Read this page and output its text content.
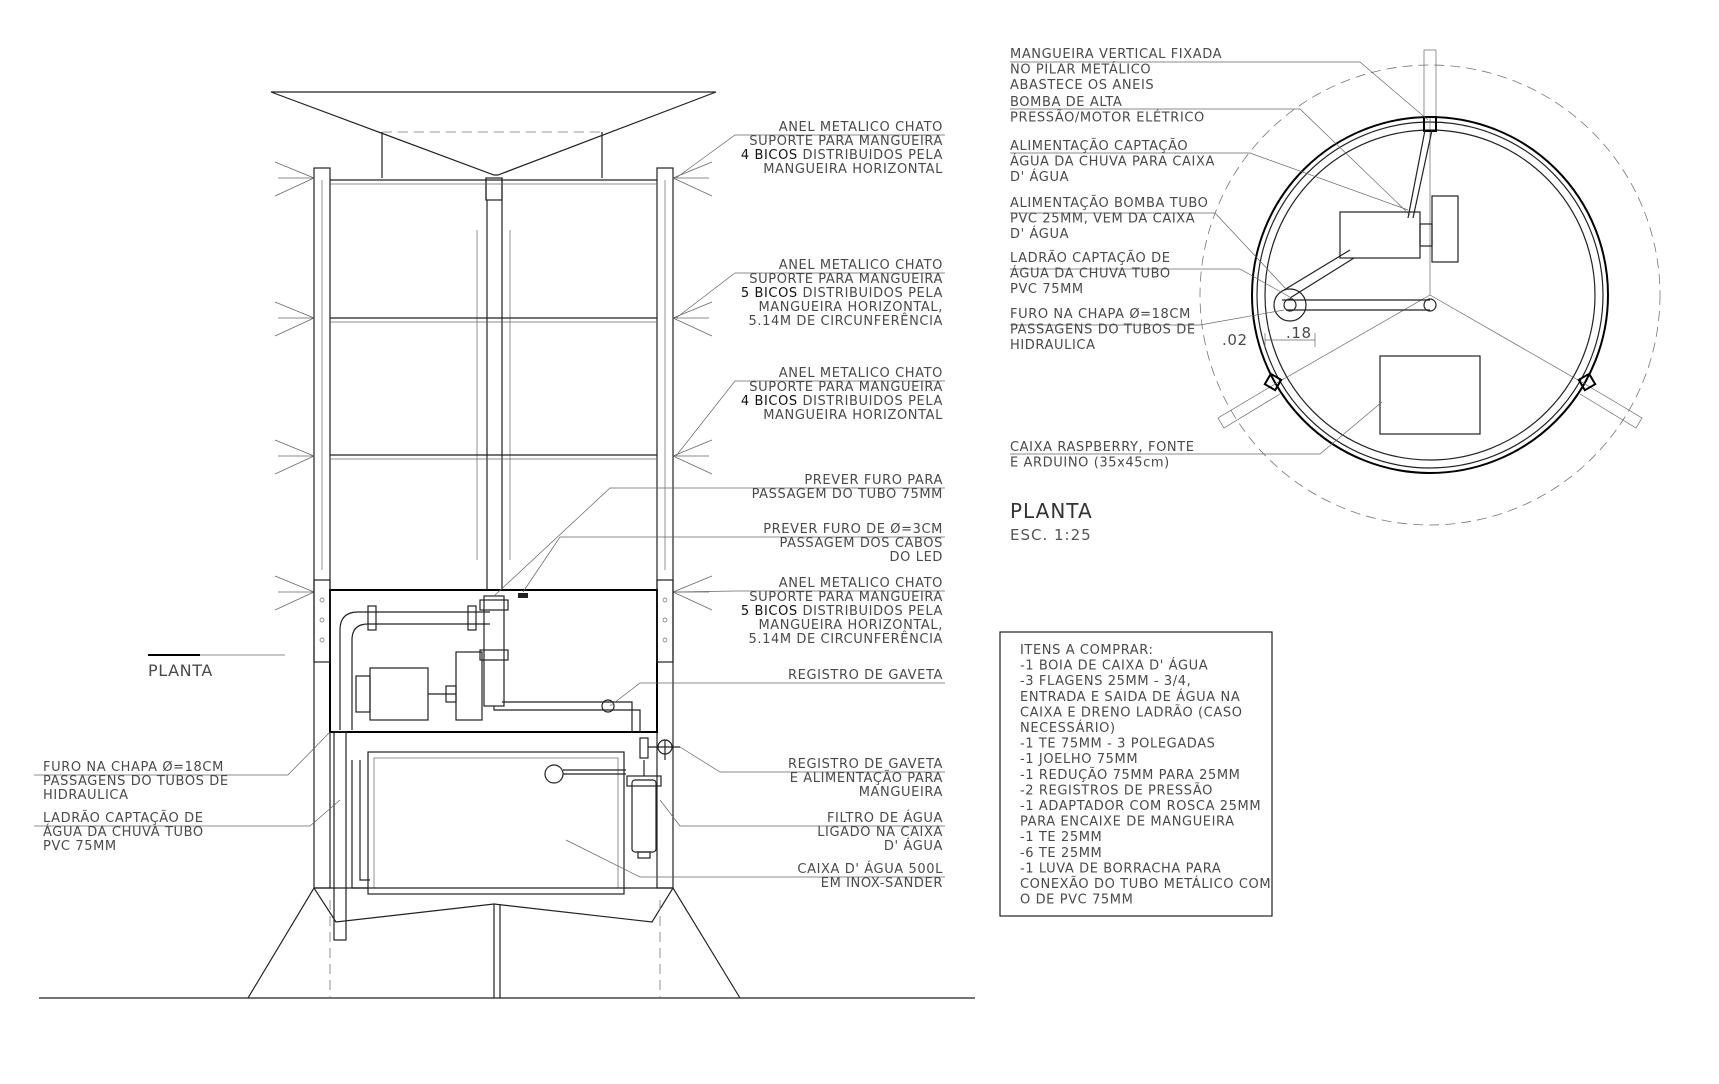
ANEL METALICO CHATO
SUPORTE PARA MANGUEIRA
4 BICOS DISTRIBUIDOS PELA
MANGUEIRA HORIZONTAL
ANEL METALICO CHATO
SUPORTE PARA MANGUEIRA
5 BICOS DISTRIBUIDOS PELA
MANGUEIRA HORIZONTAL,
5.14M DE CIRCUNFERÊNCIA
ANEL METALICO CHATO
SUPORTE PARA MANGUEIRA
4 BICOS DISTRIBUIDOS PELA
MANGUEIRA HORIZONTAL
PREVER FURO PARA
PASSAGEM DO TUBO 75MM
PREVER FURO DE Ø=3CM
PASSAGEM DOS CABOS
DO LED
ANEL METALICO CHATO
SUPORTE PARA MANGUEIRA
5 BICOS DISTRIBUIDOS PELA
MANGUEIRA HORIZONTAL,
5.14M DE CIRCUNFERÊNCIA
REGISTRO DE GAVETA
REGISTRO DE GAVETA
E ALIMENTAÇÃO PARA
MANGUEIRA
FILTRO DE ÁGUA
LIGADO NA CAIXA
D' ÁGUA
CAIXA D' ÁGUA 500L
EM INOX-SANDER
FURO NA CHAPA Ø=18CM
PASSAGENS DO TUBOS DE
HIDRAULICA
LADRÃO CAPTAÇÃO DE
ÁGUA DA CHUVA TUBO
PVC 75MM
PLANTA
MANGUEIRA VERTICAL FIXADA
NO PILAR METÁLICO
ABASTECE OS ANEIS
BOMBA DE ALTA
PRESSÃO/MOTOR ELÉTRICO
ALIMENTAÇÃO CAPTAÇÃO
ÁGUA DA CHUVA PARA CAIXA
D' ÁGUA
ALIMENTAÇÃO BOMBA TUBO
PVC 25MM, VEM DA CAIXA
D' ÁGUA
LADRÃO CAPTAÇÃO DE
ÁGUA DA CHUVA TUBO
PVC 75MM
FURO NA CHAPA Ø=18CM
PASSAGENS DO TUBOS DE
HIDRAULICA
CAIXA RASPBERRY, FONTE
E ARDUINO (35x45cm)
PLANTA
ESC. 1:25
.02	.18
ITENS A COMPRAR:
-1 BOIA DE CAIXA D' ÁGUA
-3 FLAGENS 25MM - 3/4,
ENTRADA E SAIDA DE ÁGUA NA
CAIXA E DRENO LADRÃO (CASO
NECESSÁRIO)
-1 TE 75MM - 3 POLEGADAS
-1 JOELHO 75MM
-1 REDUÇÃO 75MM PARA 25MM
-2 REGISTROS DE PRESSÃO
-1 ADAPTADOR COM ROSCA 25MM
PARA ENCAIXE DE MANGUEIRA
-1 TE 25MM
-6 TE 25MM
-1 LUVA DE BORRACHA PARA
CONEXÃO DO TUBO METÁLICO COM
O DE PVC 75MM
